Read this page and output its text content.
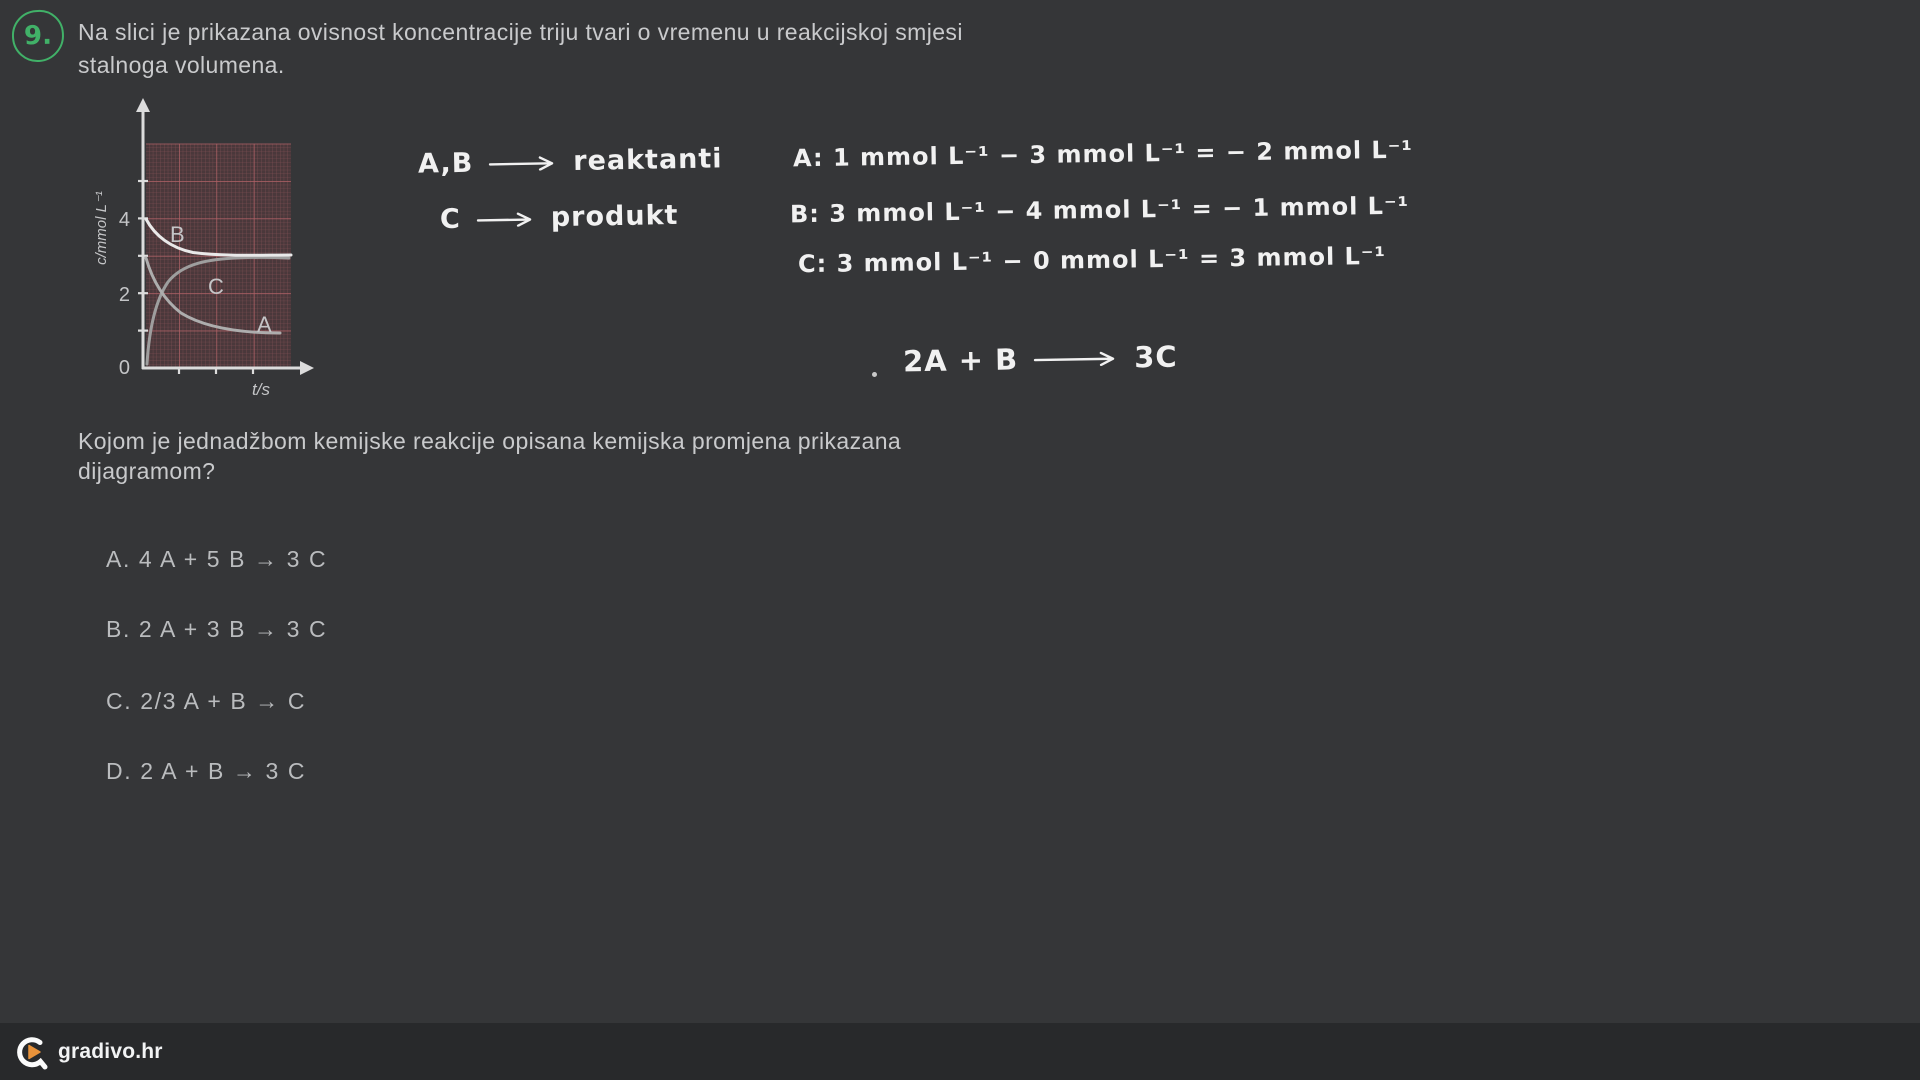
9. Na slici je prikazana ovisnost koncentracije triju tvari o vremenu u reakcijskoj smjesi
stalnoga volumena.
4
2
0
c/mmol L⁻¹
t/s
B
C
A
A,B	reaktanti
C	produkt
A: 1 mmol L⁻¹ − 3 mmol L⁻¹ = − 2 mmol L⁻¹
B: 3 mmol L⁻¹ − 4 mmol L⁻¹ = − 1 mmol L⁻¹
C: 3 mmol L⁻¹ − 0 mmol L⁻¹ = 3 mmol L⁻¹
2A + B	3C
Kojom je jednadžbom kemijske reakcije opisana kemijska promjena prikazana
dijagramom?
A. 4 A + 5 B → 3 C
B. 2 A + 3 B → 3 C
C. 2/3 A + B → C
D. 2 A + B → 3 C
gradivo.hr
